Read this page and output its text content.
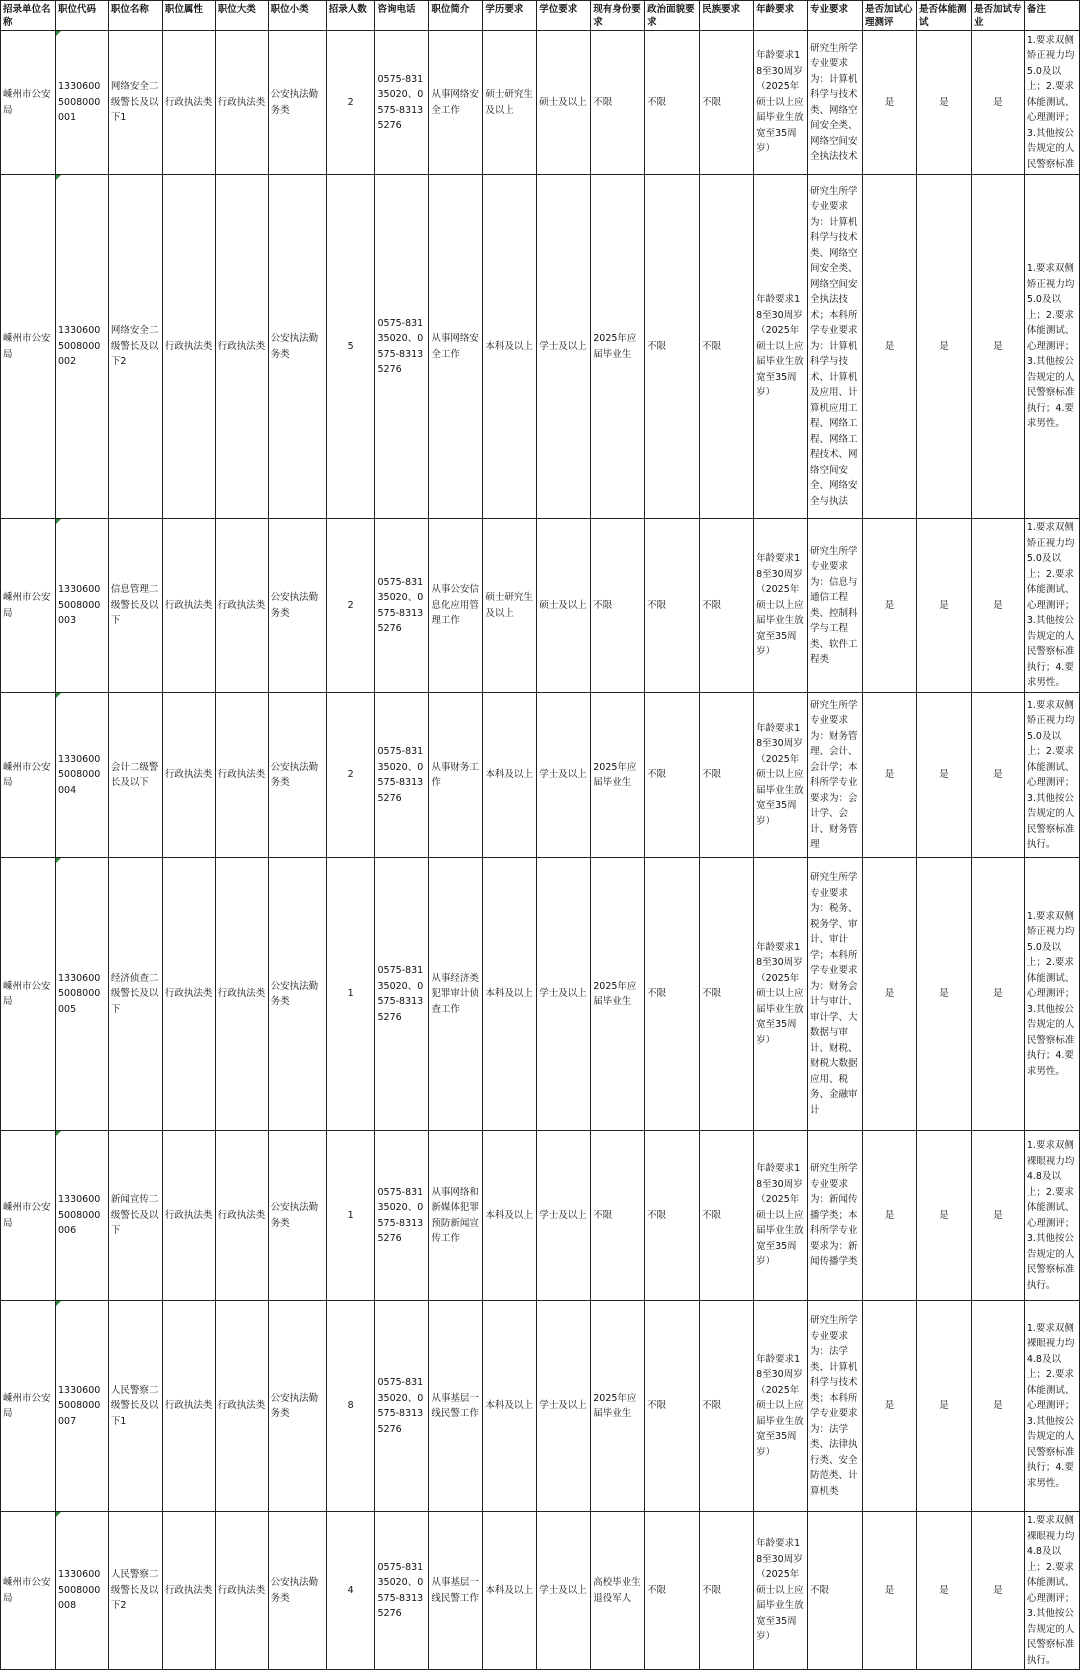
招录单位名称	职位代码	职位名称	职位属性	职位大类	职位小类	招录人数	咨询电话	职位简介	学历要求	学位要求	现有身份要求	政治面貌要求	民族要求	年龄要求	专业要求	是否加试心理测评	是否体能测试	是否加试专业	备注
嵊州市公安局	13306005008000001	网络安全二级警长及以下1	行政执法类	行政执法类	公安执法勤务类	2	0575-83135020、0575-83135276	从事网络安全工作	硕士研究生及以上	硕士及以上	不限	不限	不限	年龄要求18至30周岁（2025年硕士以上应届毕业生放宽至35周岁）	研究生所学专业要求为：计算机科学与技术类、网络空间安全类、网络空间安全执法技术	是	是	是	1.要求双侧矫正视力均5.0及以上；2.要求体能测试、心理测评；3.其他按公告规定的人民警察标准
嵊州市公安局	13306005008000002	网络安全二级警长及以下2	行政执法类	行政执法类	公安执法勤务类	5	0575-83135020、0575-83135276	从事网络安全工作	本科及以上	学士及以上	2025年应届毕业生	不限	不限	年龄要求18至30周岁（2025年硕士以上应届毕业生放宽至35周岁）	研究生所学专业要求为：计算机科学与技术类、网络空间安全类、网络空间安全执法技术；本科所学专业要求为：计算机科学与技术、计算机及应用、计算机应用工程、网络工程、网络工程技术、网络空间安全、网络安全与执法	是	是	是	1.要求双侧矫正视力均5.0及以上；2.要求体能测试、心理测评；3.其他按公告规定的人民警察标准执行；4.要求男性。
嵊州市公安局	13306005008000003	信息管理二级警长及以下	行政执法类	行政执法类	公安执法勤务类	2	0575-83135020、0575-83135276	从事公安信息化应用管理工作	硕士研究生及以上	硕士及以上	不限	不限	不限	年龄要求18至30周岁（2025年硕士以上应届毕业生放宽至35周岁）	研究生所学专业要求为：信息与通信工程类、控制科学与工程类、软件工程类	是	是	是	1.要求双侧矫正视力均5.0及以上；2.要求体能测试、心理测评；3.其他按公告规定的人民警察标准执行；4.要求男性。
嵊州市公安局	13306005008000004	会计二级警长及以下	行政执法类	行政执法类	公安执法勤务类	2	0575-83135020、0575-83135276	从事财务工作	本科及以上	学士及以上	2025年应届毕业生	不限	不限	年龄要求18至30周岁（2025年硕士以上应届毕业生放宽至35周岁）	研究生所学专业要求为：财务管理、会计、会计学；本科所学专业要求为：会计学、会计、财务管理	是	是	是	1.要求双侧矫正视力均5.0及以上；2.要求体能测试、心理测评；3.其他按公告规定的人民警察标准执行。
嵊州市公安局	13306005008000005	经济侦查二级警长及以下	行政执法类	行政执法类	公安执法勤务类	1	0575-83135020、0575-83135276	从事经济类犯罪审计侦查工作	本科及以上	学士及以上	2025年应届毕业生	不限	不限	年龄要求18至30周岁（2025年硕士以上应届毕业生放宽至35周岁）	研究生所学专业要求为：税务、税务学、审计、审计学；本科所学专业要求为：财务会计与审计、审计学、大数据与审计、财税、财税大数据应用、税务、金融审计	是	是	是	1.要求双侧矫正视力均5.0及以上；2.要求体能测试、心理测评；3.其他按公告规定的人民警察标准执行；4.要求男性。
嵊州市公安局	13306005008000006	新闻宣传二级警长及以下	行政执法类	行政执法类	公安执法勤务类	1	0575-83135020、0575-83135276	从事网络和新媒体犯罪预防新闻宣传工作	本科及以上	学士及以上	不限	不限	不限	年龄要求18至30周岁（2025年硕士以上应届毕业生放宽至35周岁）	研究生所学专业要求为：新闻传播学类；本科所学专业要求为：新闻传播学类	是	是	是	1.要求双侧裸眼视力均4.8及以上；2.要求体能测试、心理测评；3.其他按公告规定的人民警察标准执行。
嵊州市公安局	13306005008000007	人民警察二级警长及以下1	行政执法类	行政执法类	公安执法勤务类	8	0575-83135020、0575-83135276	从事基层一线民警工作	本科及以上	学士及以上	2025年应届毕业生	不限	不限	年龄要求18至30周岁（2025年硕士以上应届毕业生放宽至35周岁）	研究生所学专业要求为：法学类、计算机科学与技术类；本科所学专业要求为：法学类、法律执行类、安全防范类、计算机类	是	是	是	1.要求双侧裸眼视力均4.8及以上；2.要求体能测试、心理测评；3.其他按公告规定的人民警察标准执行；4.要求男性。
嵊州市公安局	13306005008000008	人民警察二级警长及以下2	行政执法类	行政执法类	公安执法勤务类	4	0575-83135020、0575-83135276	从事基层一线民警工作	本科及以上	学士及以上	高校毕业生退役军人	不限	不限	年龄要求18至30周岁（2025年硕士以上应届毕业生放宽至35周岁）	不限	是	是	是	1.要求双侧裸眼视力均4.8及以上；2.要求体能测试、心理测评；3.其他按公告规定的人民警察标准执行。
